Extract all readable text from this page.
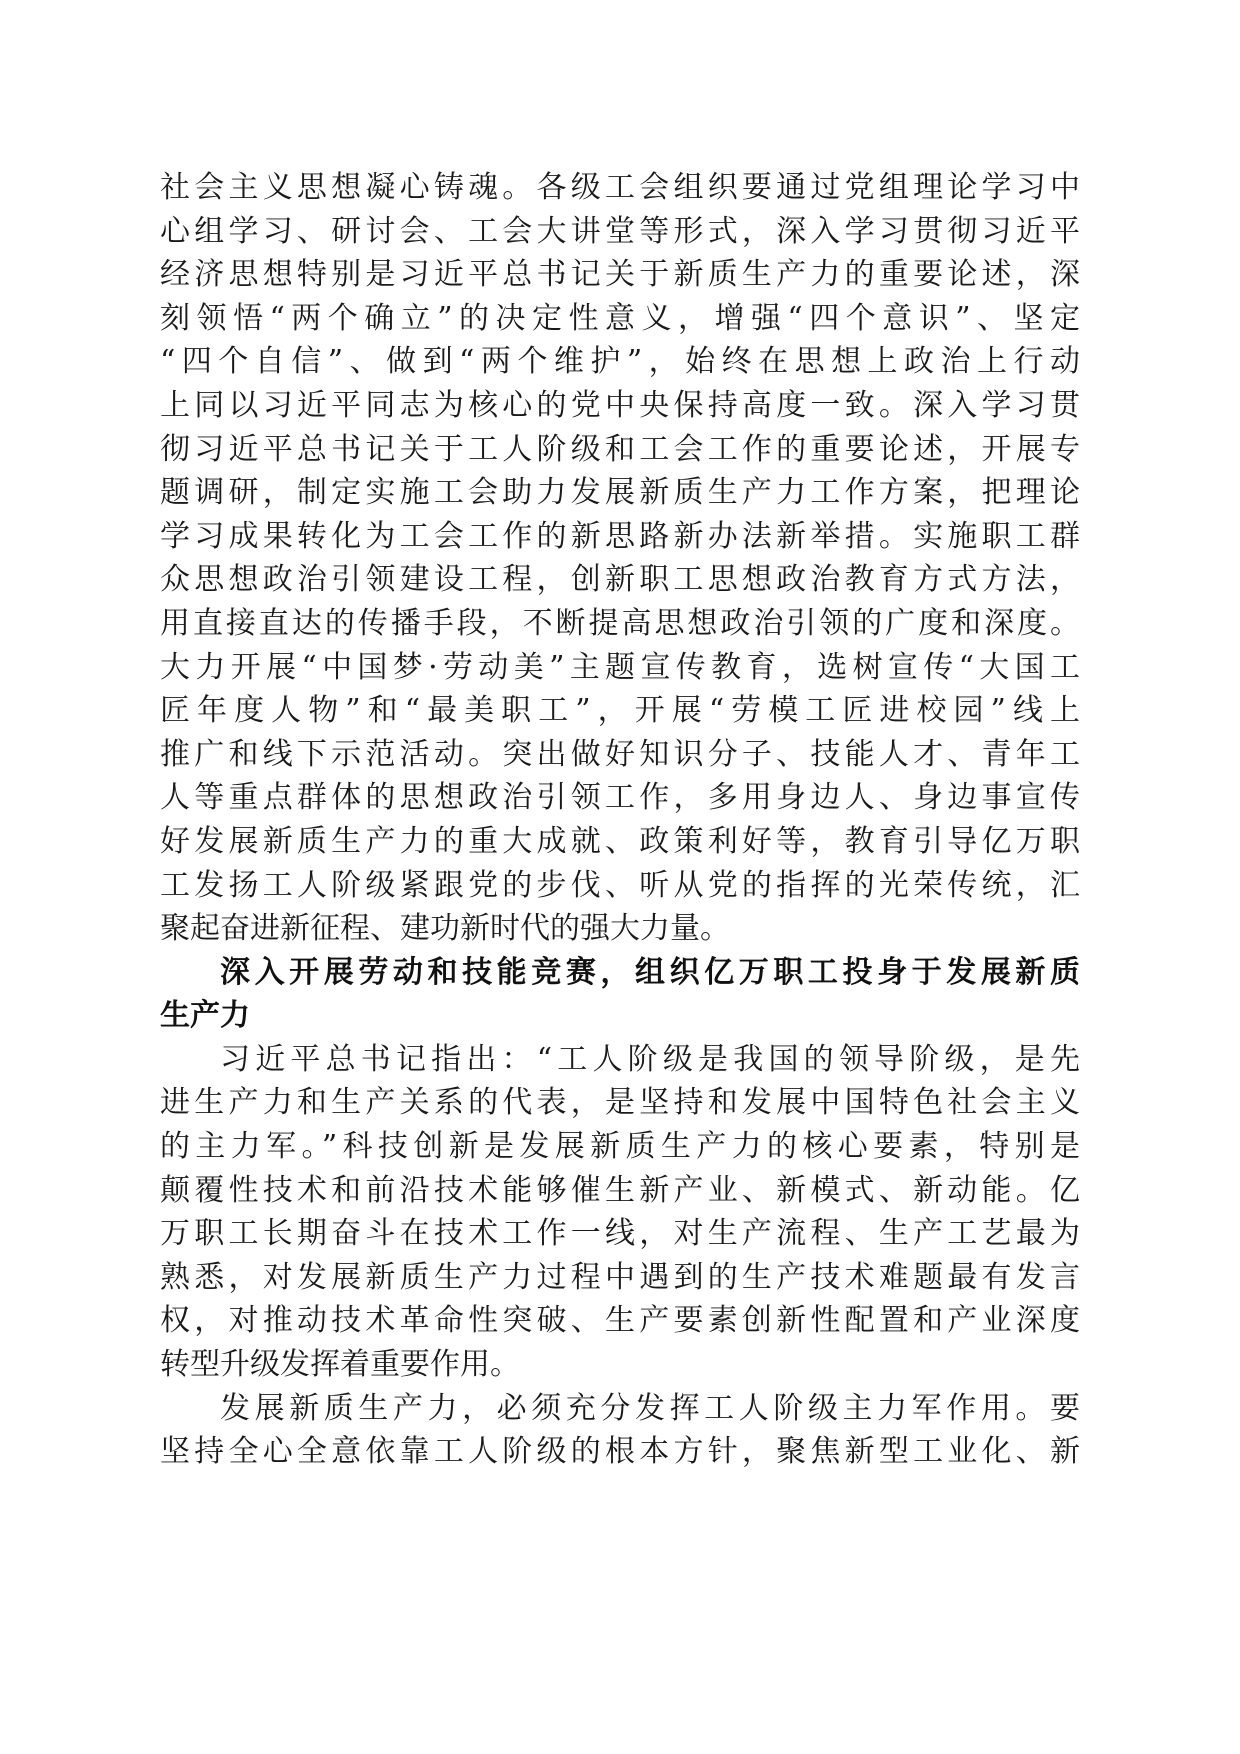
社会主义思想凝心铸魂。各级工会组织要通过党组理论学习中
心组学习、研讨会、工会大讲堂等形式，深入学习贯彻习近平
经济思想特别是习近平总书记关于新质生产力的重要论述，深
刻领悟“两个确立”的决定性意义，增强“四个意识”、坚定
“四个自信”、做到“两个维护”，始终在思想上政治上行动
上同以习近平同志为核心的党中央保持高度一致。深入学习贯
彻习近平总书记关于工人阶级和工会工作的重要论述，开展专
题调研，制定实施工会助力发展新质生产力工作方案，把理论
学习成果转化为工会工作的新思路新办法新举措。实施职工群
众思想政治引领建设工程，创新职工思想政治教育方式方法，
用直接直达的传播手段，不断提高思想政治引领的广度和深度。
大力开展“中国梦·劳动美”主题宣传教育，选树宣传“大国工
匠年度人物”和“最美职工”，开展“劳模工匠进校园”线上
推广和线下示范活动。突出做好知识分子、技能人才、青年工
人等重点群体的思想政治引领工作，多用身边人、身边事宣传
好发展新质生产力的重大成就、政策利好等，教育引导亿万职
工发扬工人阶级紧跟党的步伐、听从党的指挥的光荣传统，汇
聚起奋进新征程、建功新时代的强大力量。
深入开展劳动和技能竞赛，组织亿万职工投身于发展新质
生产力
习近平总书记指出：“工人阶级是我国的领导阶级，是先
进生产力和生产关系的代表，是坚持和发展中国特色社会主义
的主力军。”科技创新是发展新质生产力的核心要素，特别是
颠覆性技术和前沿技术能够催生新产业、新模式、新动能。亿
万职工长期奋斗在技术工作一线，对生产流程、生产工艺最为
熟悉，对发展新质生产力过程中遇到的生产技术难题最有发言
权，对推动技术革命性突破、生产要素创新性配置和产业深度
转型升级发挥着重要作用。
发展新质生产力，必须充分发挥工人阶级主力军作用。要
坚持全心全意依靠工人阶级的根本方针，聚焦新型工业化、新
